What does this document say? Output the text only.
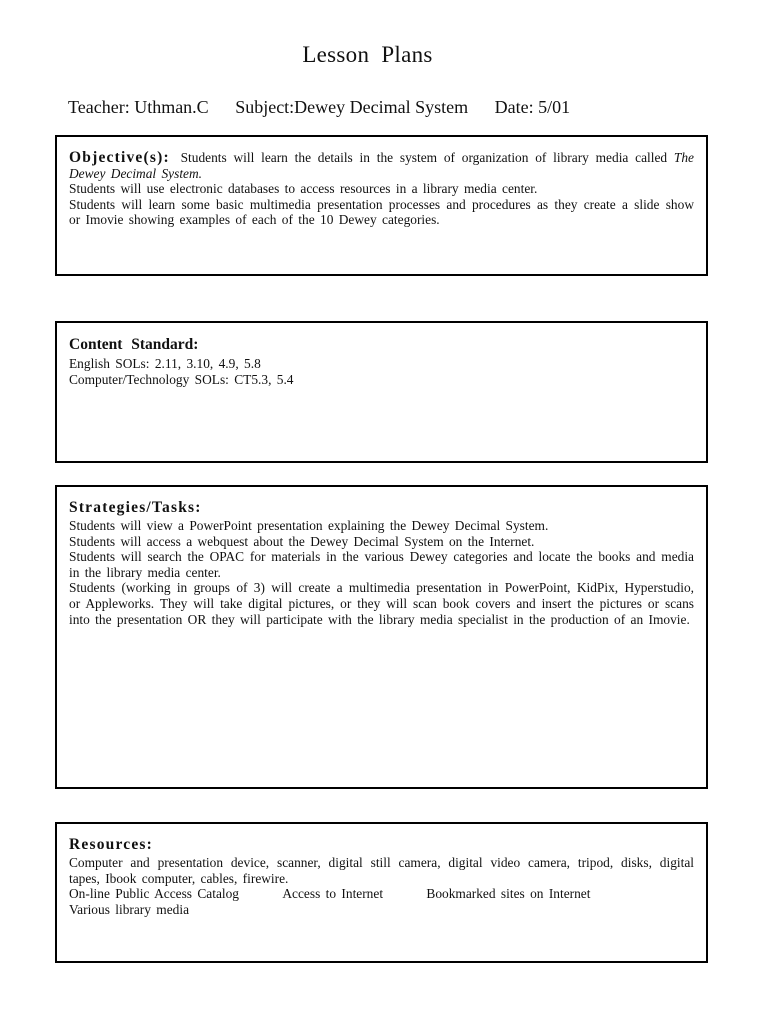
Lesson Plans
Teacher: Uthman.C Subject:Dewey Decimal System Date: 5/01
Objective(s): Students will learn the details in the system of organization of library media called The Dewey Decimal System.
Students will use electronic databases to access resources in a library media center.
Students will learn some basic multimedia presentation processes and procedures as they create a slide show or Imovie showing examples of each of the 10 Dewey categories.
Content Standard:
English SOLs: 2.11, 3.10, 4.9, 5.8
Computer/Technology SOLs: CT5.3, 5.4
Strategies/Tasks:
Students will view a PowerPoint presentation explaining the Dewey Decimal System.
Students will access a webquest about the Dewey Decimal System on the Internet.
Students will search the OPAC for materials in the various Dewey categories and locate the books and media in the library media center.
Students (working in groups of 3) will create a multimedia presentation in PowerPoint, KidPix, Hyperstudio, or Appleworks. They will take digital pictures, or they will scan book covers and insert the pictures or scans into the presentation OR they will participate with the library media specialist in the production of an Imovie.
Resources:
Computer and presentation device, scanner, digital still camera, digital video camera, tripod, disks, digital tapes, Ibook computer, cables, firewire.
On-line Public Access Catalog	Access to Internet	Bookmarked sites on Internet
Various library media
